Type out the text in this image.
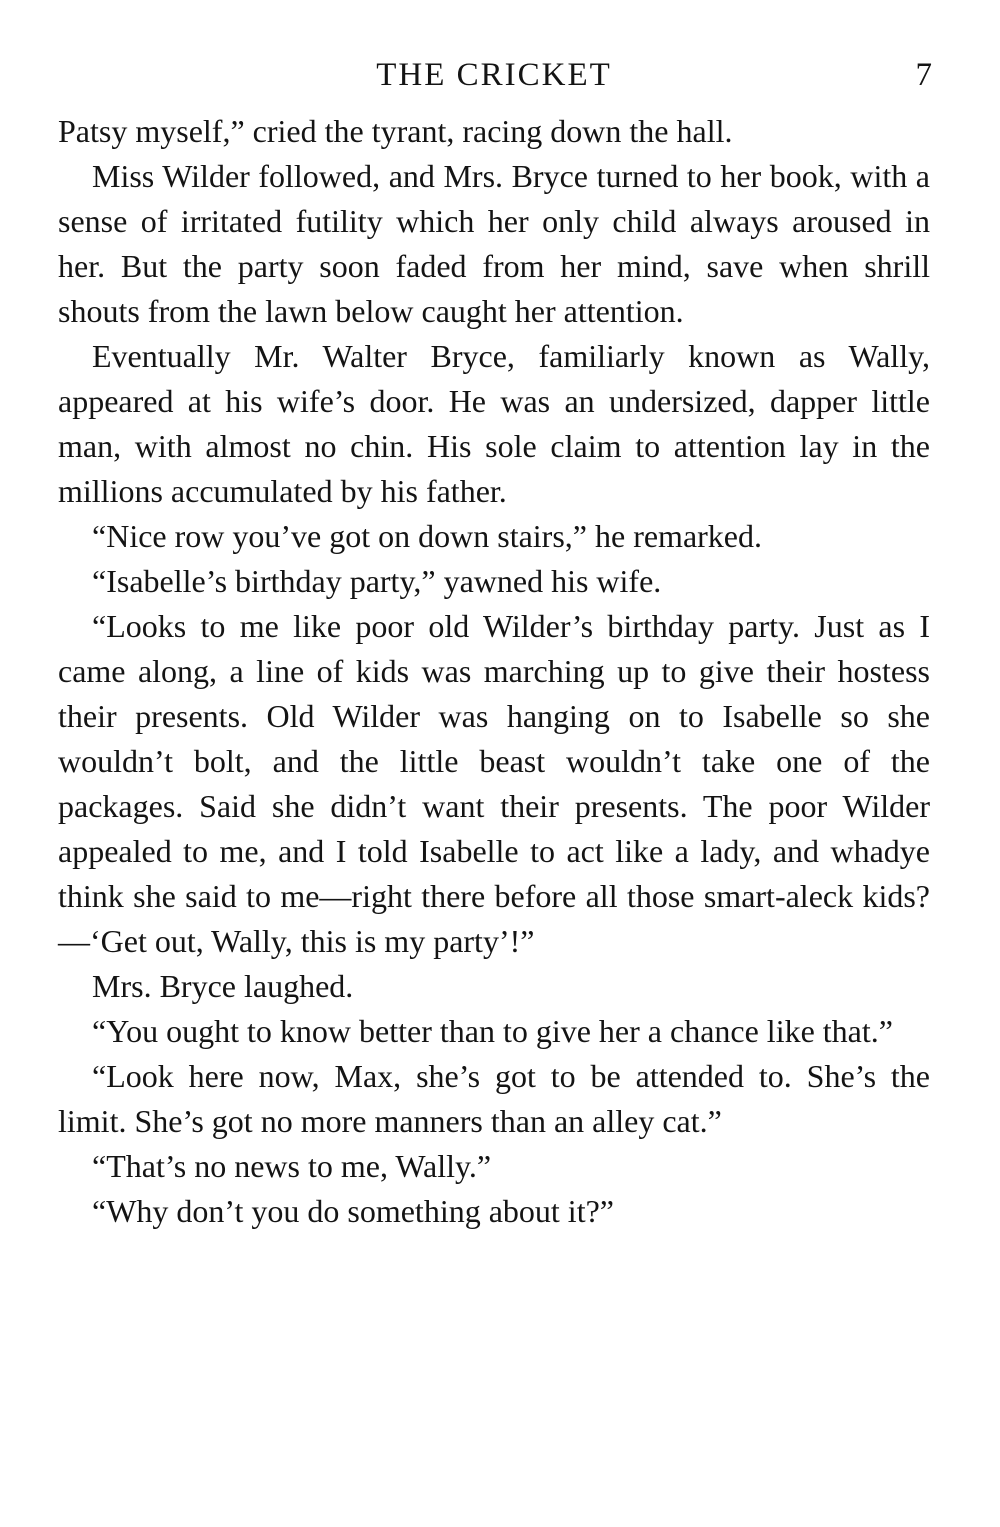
THE CRICKET	7

Patsy myself,” cried the tyrant, racing down the hall.

Miss Wilder followed, and Mrs. Bryce turned to her book, with a sense of irritated futility which her only child always aroused in her. But the party soon faded from her mind, save when shrill shouts from the lawn below caught her attention.

Eventually Mr. Walter Bryce, familiarly known as Wally, appeared at his wife’s door. He was an undersized, dapper little man, with almost no chin. His sole claim to attention lay in the millions accumulated by his father.

“Nice row you’ve got on down stairs,” he remarked.

“Isabelle’s birthday party,” yawned his wife.

“Looks to me like poor old Wilder’s birthday party. Just as I came along, a line of kids was marching up to give their hostess their presents. Old Wilder was hanging on to Isabelle so she wouldn’t bolt, and the little beast wouldn’t take one of the packages. Said she didn’t want their presents. The poor Wilder appealed to me, and I told Isabelle to act like a lady, and whadye think she said to me—right there before all those smart-aleck kids?—‘Get out, Wally, this is my party’!”

Mrs. Bryce laughed.

“You ought to know better than to give her a chance like that.”

“Look here now, Max, she’s got to be attended to. She’s the limit. She’s got no more manners than an alley cat.”

“That’s no news to me, Wally.”

“Why don’t you do something about it?”
